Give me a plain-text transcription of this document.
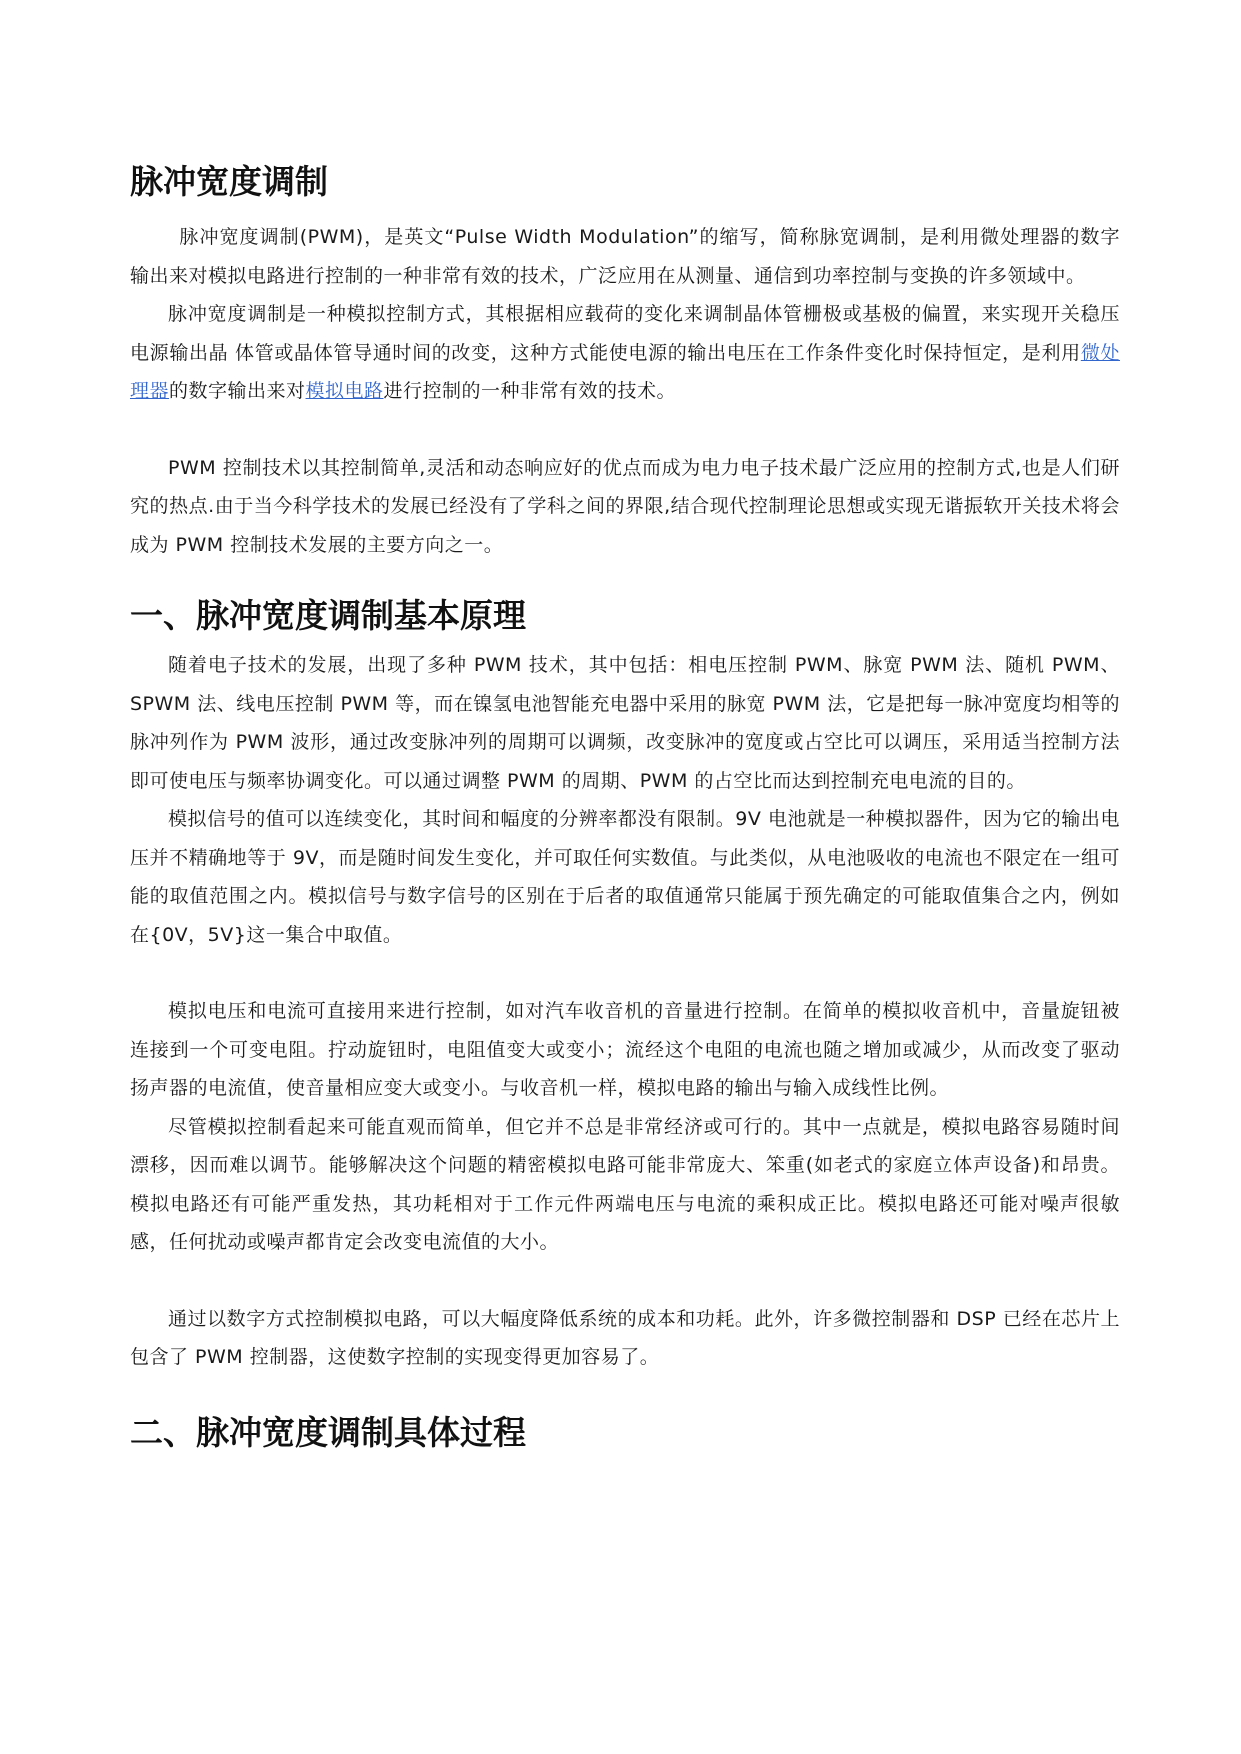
脉冲宽度调制

脉冲宽度调制(PWM)，是英文“Pulse Width Modulation”的缩写，简称脉宽调制，是利用微处理器的数字输出来对模拟电路进行控制的一种非常有效的技术，广泛应用在从测量、通信到功率控制与变换的许多领域中。

脉冲宽度调制是一种模拟控制方式，其根据相应载荷的变化来调制晶体管栅极或基极的偏置，来实现开关稳压电源输出晶 体管或晶体管导通时间的改变，这种方式能使电源的输出电压在工作条件变化时保持恒定，是利用微处理器的数字输出来对模拟电路进行控制的一种非常有效的技术。

PWM 控制技术以其控制简单,灵活和动态响应好的优点而成为电力电子技术最广泛应用的控制方式,也是人们研究的热点.由于当今科学技术的发展已经没有了学科之间的界限,结合现代控制理论思想或实现无谐振软开关技术将会成为 PWM 控制技术发展的主要方向之一。

一、脉冲宽度调制基本原理

随着电子技术的发展，出现了多种 PWM 技术，其中包括：相电压控制 PWM、脉宽 PWM 法、随机 PWM、SPWM 法、线电压控制 PWM 等，而在镍氢电池智能充电器中采用的脉宽 PWM 法，它是把每一脉冲宽度均相等的脉冲列作为 PWM 波形，通过改变脉冲列的周期可以调频，改变脉冲的宽度或占空比可以调压，采用适当控制方法即可使电压与频率协调变化。可以通过调整 PWM 的周期、PWM 的占空比而达到控制充电电流的目的。

模拟信号的值可以连续变化，其时间和幅度的分辨率都没有限制。9V 电池就是一种模拟器件，因为它的输出电压并不精确地等于 9V，而是随时间发生变化，并可取任何实数值。与此类似，从电池吸收的电流也不限定在一组可能的取值范围之内。模拟信号与数字信号的区别在于后者的取值通常只能属于预先确定的可能取值集合之内，例如在{0V，5V}这一集合中取值。

模拟电压和电流可直接用来进行控制，如对汽车收音机的音量进行控制。在简单的模拟收音机中，音量旋钮被连接到一个可变电阻。拧动旋钮时，电阻值变大或变小；流经这个电阻的电流也随之增加或减少，从而改变了驱动扬声器的电流值，使音量相应变大或变小。与收音机一样，模拟电路的输出与输入成线性比例。

尽管模拟控制看起来可能直观而简单，但它并不总是非常经济或可行的。其中一点就是，模拟电路容易随时间漂移，因而难以调节。能够解决这个问题的精密模拟电路可能非常庞大、笨重(如老式的家庭立体声设备)和昂贵。模拟电路还有可能严重发热，其功耗相对于工作元件两端电压与电流的乘积成正比。模拟电路还可能对噪声很敏感，任何扰动或噪声都肯定会改变电流值的大小。

通过以数字方式控制模拟电路，可以大幅度降低系统的成本和功耗。此外，许多微控制器和 DSP 已经在芯片上包含了 PWM 控制器，这使数字控制的实现变得更加容易了。

二、脉冲宽度调制具体过程
